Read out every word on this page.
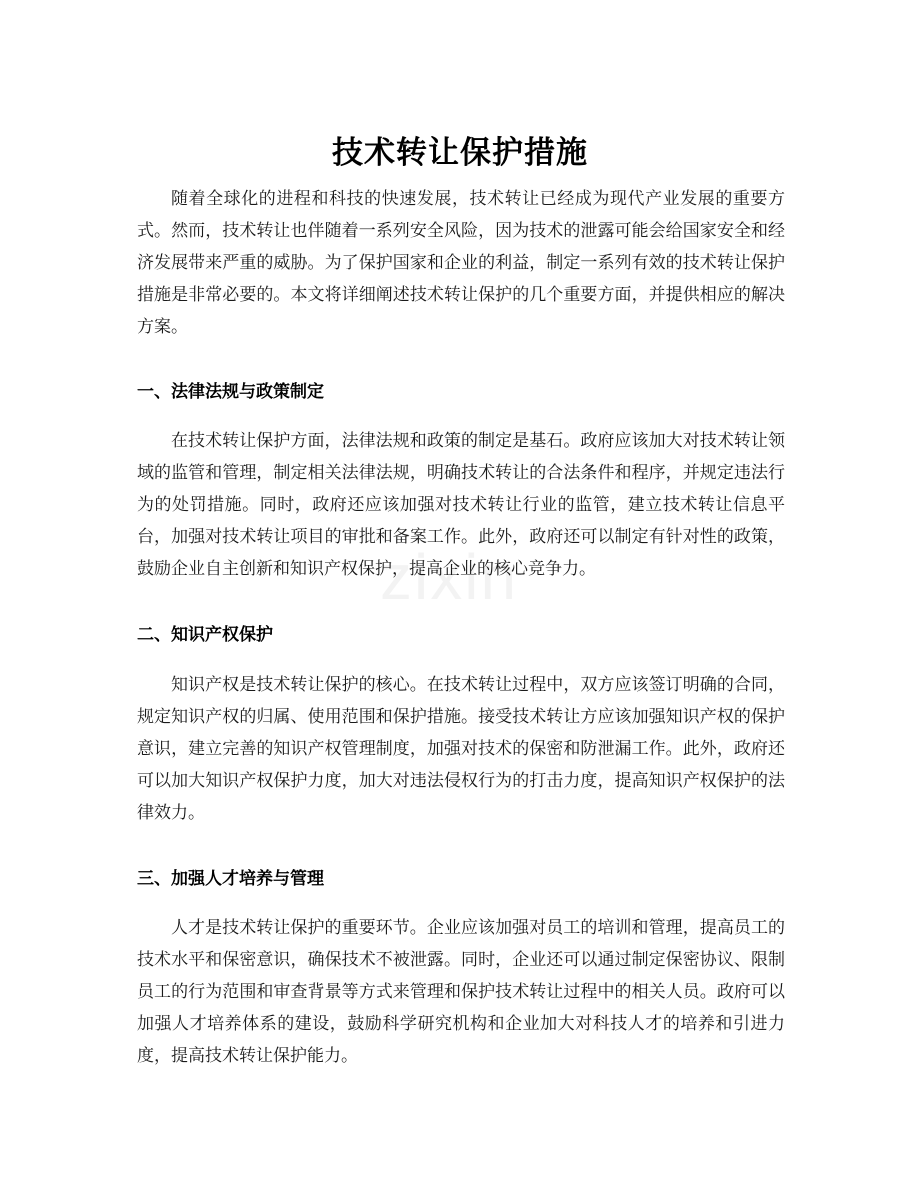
技术转让保护措施

随着全球化的进程和科技的快速发展，技术转让已经成为现代产业发展的重要方式。然而，技术转让也伴随着一系列安全风险，因为技术的泄露可能会给国家安全和经济发展带来严重的威胁。为了保护国家和企业的利益，制定一系列有效的技术转让保护措施是非常必要的。本文将详细阐述技术转让保护的几个重要方面，并提供相应的解决方案。

一、法律法规与政策制定

在技术转让保护方面，法律法规和政策的制定是基石。政府应该加大对技术转让领域的监管和管理，制定相关法律法规，明确技术转让的合法条件和程序，并规定违法行为的处罚措施。同时，政府还应该加强对技术转让行业的监管，建立技术转让信息平台，加强对技术转让项目的审批和备案工作。此外，政府还可以制定有针对性的政策，鼓励企业自主创新和知识产权保护，提高企业的核心竞争力。

二、知识产权保护

知识产权是技术转让保护的核心。在技术转让过程中，双方应该签订明确的合同，规定知识产权的归属、使用范围和保护措施。接受技术转让方应该加强知识产权的保护意识，建立完善的知识产权管理制度，加强对技术的保密和防泄漏工作。此外，政府还可以加大知识产权保护力度，加大对违法侵权行为的打击力度，提高知识产权保护的法律效力。

三、加强人才培养与管理

人才是技术转让保护的重要环节。企业应该加强对员工的培训和管理，提高员工的技术水平和保密意识，确保技术不被泄露。同时，企业还可以通过制定保密协议、限制员工的行为范围和审查背景等方式来管理和保护技术转让过程中的相关人员。政府可以加强人才培养体系的建设，鼓励科学研究机构和企业加大对科技人才的培养和引进力度，提高技术转让保护能力。
